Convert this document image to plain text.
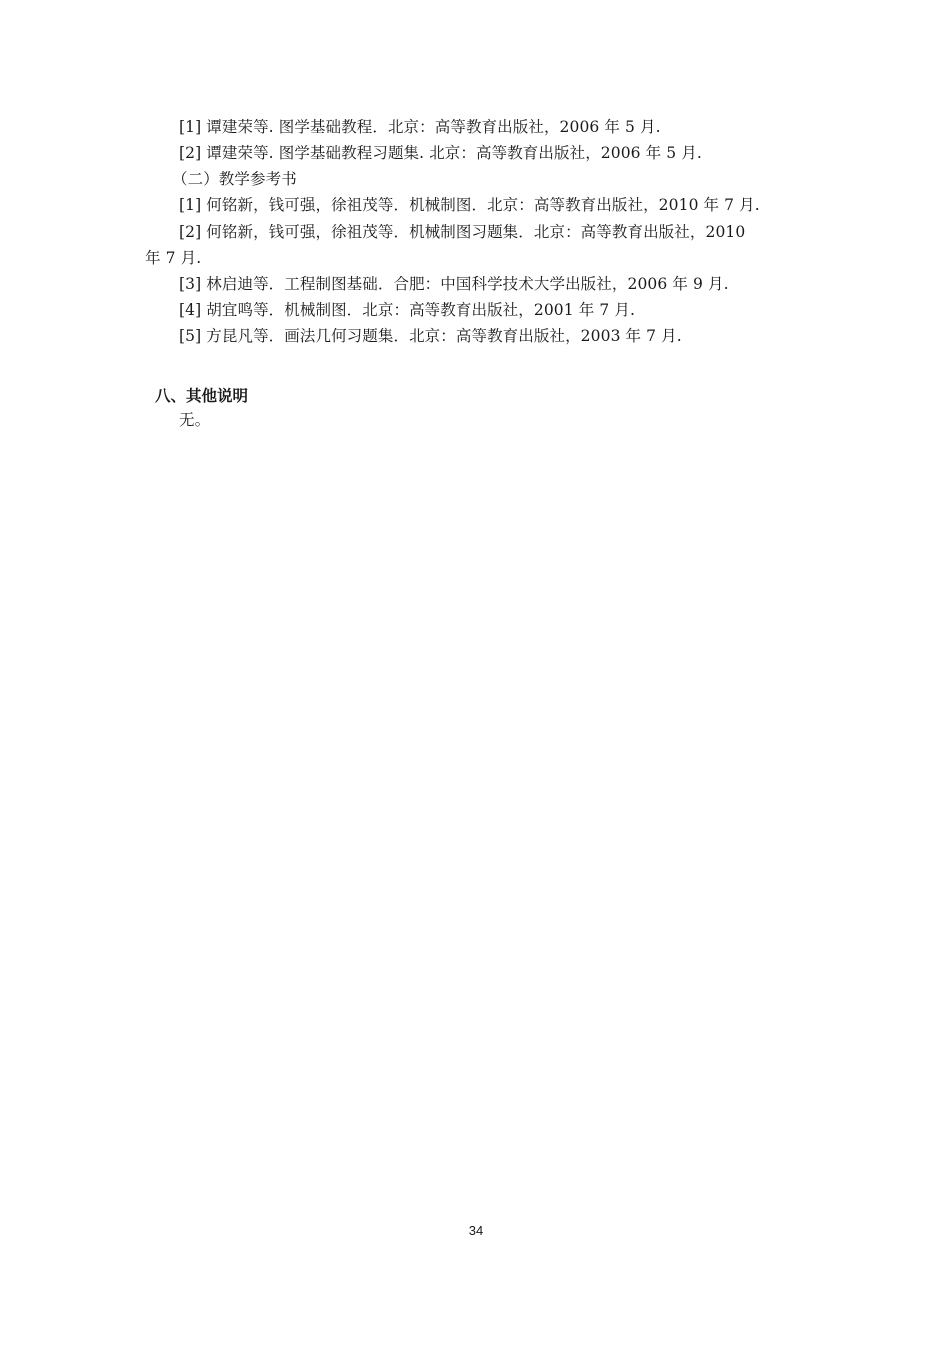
[1] 谭建荣等. 图学基础教程．北京：高等教育出版社，2006 年 5 月.
[2] 谭建荣等. 图学基础教程习题集. 北京：高等教育出版社，2006 年 5 月.
（二）教学参考书
[1] 何铭新，钱可强，徐祖茂等．机械制图．北京：高等教育出版社，2010 年 7 月.
[2] 何铭新，钱可强，徐祖茂等．机械制图习题集．北京：高等教育出版社，2010
年 7 月.
[3] 林启迪等．工程制图基础．合肥：中国科学技术大学出版社，2006 年 9 月.
[4] 胡宜鸣等．机械制图．北京：高等教育出版社，2001 年 7 月.
[5] 方昆凡等．画法几何习题集．北京：高等教育出版社，2003 年 7 月.
八、其他说明
无。
34
